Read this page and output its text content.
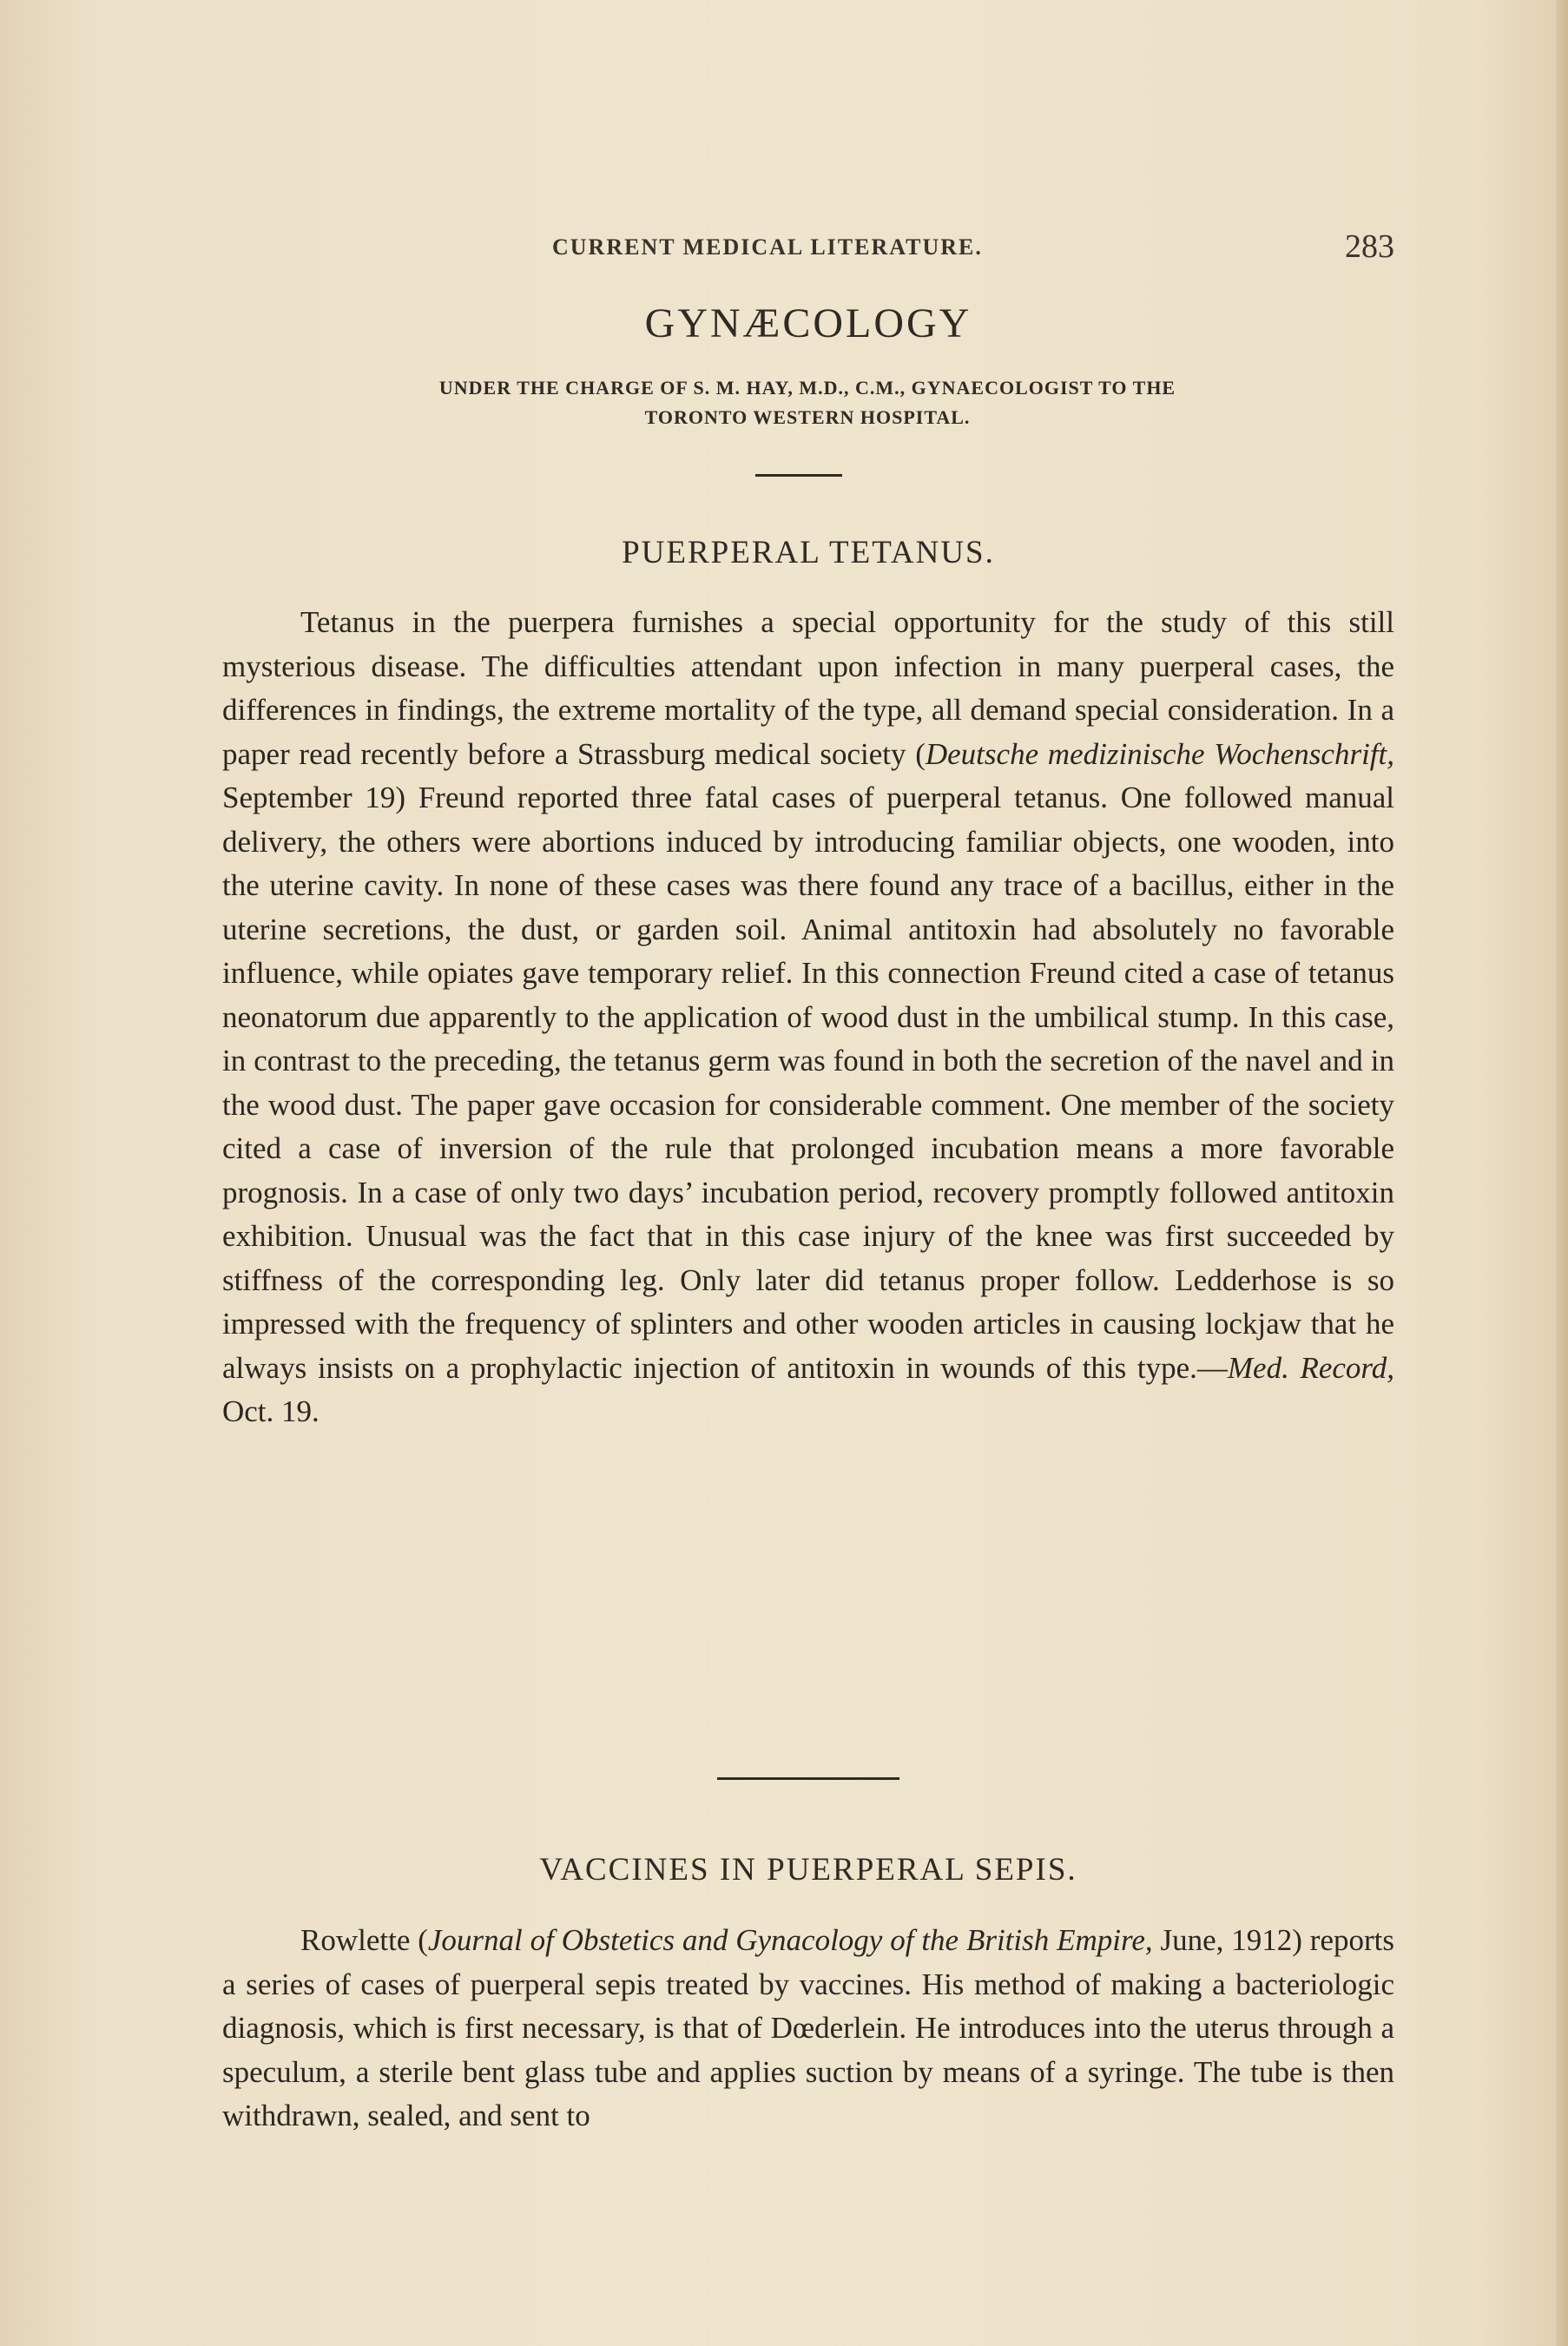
CURRENT MEDICAL LITERATURE.	283
GYNÆCOLOGY
UNDER THE CHARGE OF S. M. HAY, M.D., C.M., GYNAECOLOGIST TO THE
TORONTO WESTERN HOSPITAL.
PUERPERAL TETANUS.

Tetanus in the puerpera furnishes a special opportunity for the study of this still mysterious disease. The difficulties attendant upon infection in many puerperal cases, the differences in findings, the extreme mortality of the type, all demand special consideration. In a paper read recently before a Strassburg medical society (Deutsche medizinische Wochenschrift, September 19) Freund reported three fatal cases of puerperal tetanus. One followed manual delivery, the others were abortions induced by introducing familiar objects, one wooden, into the uterine cavity. In none of these cases was there found any trace of a bacillus, either in the uterine secretions, the dust, or garden soil. Animal antitoxin had absolutely no favorable influence, while opiates gave temporary relief. In this connection Freund cited a case of tetanus neonatorum due apparently to the application of wood dust in the umbilical stump. In this case, in contrast to the preceding, the tetanus germ was found in both the secretion of the navel and in the wood dust. The paper gave occasion for considerable comment. One member of the society cited a case of inversion of the rule that prolonged incubation means a more favorable prognosis. In a case of only two days’ incubation period, recovery promptly followed antitoxin exhibition. Unusual was the fact that in this case injury of the knee was first succeeded by stiffness of the corresponding leg. Only later did tetanus proper follow. Ledderhose is so impressed with the frequency of splinters and other wooden articles in causing lockjaw that he always insists on a prophylactic injection of antitoxin in wounds of this type.—Med. Record, Oct. 19.

VACCINES IN PUERPERAL SEPIS.

Rowlette (Journal of Obstetics and Gynacology of the British Empire, June, 1912) reports a series of cases of puerperal sepis treated by vaccines. His method of making a bacteriologic diagnosis, which is first necessary, is that of Dœderlein. He introduces into the uterus through a speculum, a sterile bent glass tube and applies suction by means of a syringe. The tube is then withdrawn, sealed, and sent to
